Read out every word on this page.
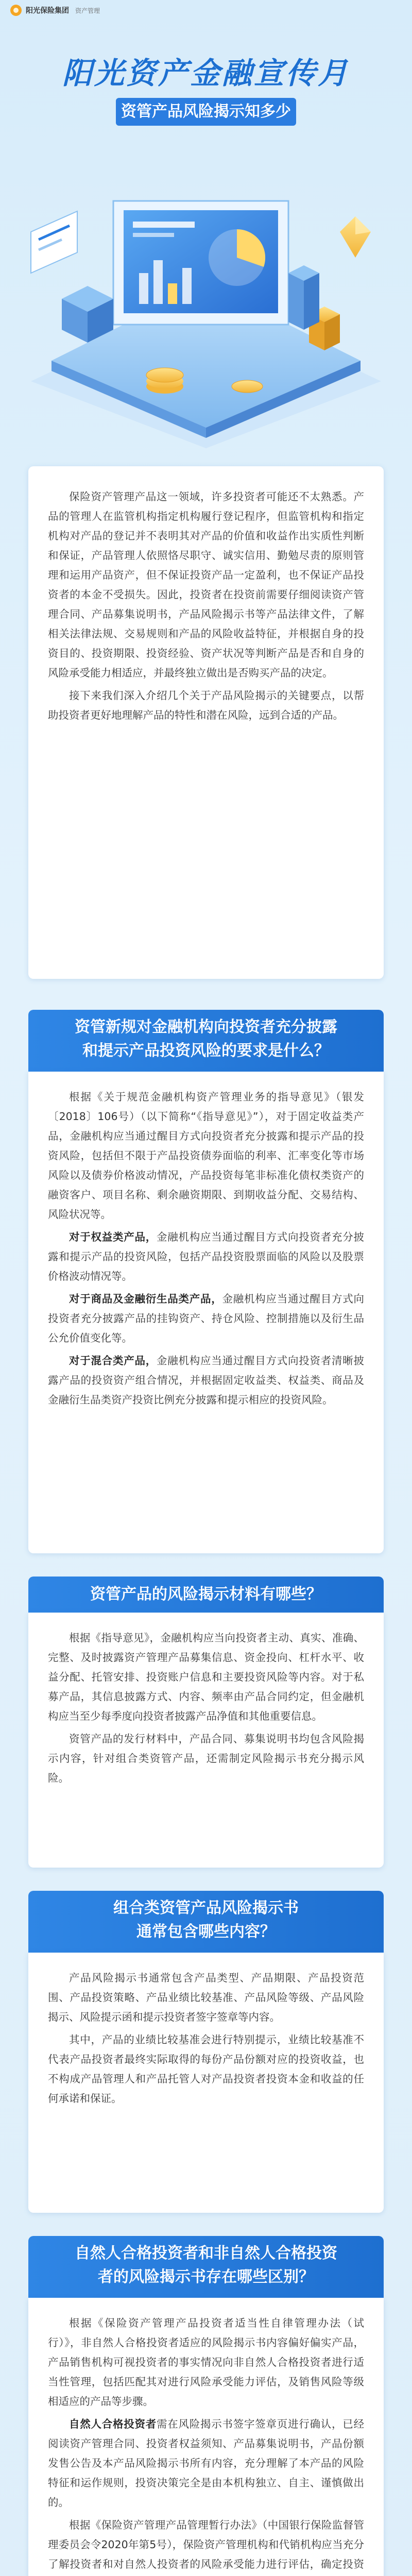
阳光保险集团 资产管理
阳光资产金融宣传月
资管产品风险揭示知多少

保险资产管理产品这一领域，许多投资者可能还不太熟悉。产品的管理人在监管机构指定机构履行登记程序，但监管机构和指定机构对产品的登记并不表明其对产品的价值和收益作出实质性判断和保证，产品管理人依照恪尽职守、诚实信用、勤勉尽责的原则管理和运用产品资产，但不保证投资产品一定盈利，也不保证产品投资者的本金不受损失。因此，投资者在投资前需要仔细阅读资产管理合同、产品募集说明书，产品风险揭示书等产品法律文件，了解相关法律法规、交易规则和产品的风险收益特征，并根据自身的投资目的、投资期限、投资经验、资产状况等判断产品是否和自身的风险承受能力相适应，并最终独立做出是否购买产品的决定。

接下来我们深入介绍几个关于产品风险揭示的关键要点，以帮助投资者更好地理解产品的特性和潜在风险，远到合适的产品。

资管新规对金融机构向投资者充分披露
和提示产品投资风险的要求是什么？

根据《关于规范金融机构资产管理业务的指导意见》（银发〔2018〕106号）（以下简称“《指导意见》”），对于固定收益类产品，金融机构应当通过醒目方式向投资者充分披露和提示产品的投资风险，包括但不限于产品投资债券面临的利率、汇率变化等市场风险以及债券价格波动情况，产品投资每笔非标准化债权类资产的融资客户、项目名称、剩余融资期限、到期收益分配、交易结构、风险状况等。

对于权益类产品，金融机构应当通过醒目方式向投资者充分披露和提示产品的投资风险，包括产品投资股票面临的风险以及股票价格波动情况等。

对于商品及金融衍生品类产品，金融机构应当通过醒目方式向投资者充分披露产品的挂钩资产、持仓风险、控制措施以及衍生品公允价值变化等。

对于混合类产品，金融机构应当通过醒目方式向投资者清晰披露产品的投资资产组合情况，并根据固定收益类、权益类、商品及金融衍生品类资产投资比例充分披露和提示相应的投资风险。

资管产品的风险揭示材料有哪些？

根据《指导意见》，金融机构应当向投资者主动、真实、准确、完整、及时披露资产管理产品募集信息、资金投向、杠杆水平、收益分配、托管安排、投资账户信息和主要投资风险等内容。对于私募产品，其信息披露方式、内容、频率由产品合同约定，但金融机构应当至少每季度向投资者披露产品净值和其他重要信息。

资管产品的发行材料中，产品合同、募集说明书均包含风险揭示内容，针对组合类资管产品，还需制定风险揭示书充分揭示风险。

组合类资管产品风险揭示书
通常包含哪些内容？

产品风险揭示书通常包含产品类型、产品期限、产品投资范围、产品投资策略、产品业绩比较基准、产品风险等级、产品风险揭示、风险提示函和提示投资者签字签章等内容。

其中，产品的业绩比较基准会进行特别提示，业绩比较基准不代表产品投资者最终实际取得的每份产品份额对应的投资收益，也不构成产品管理人和产品托管人对产品投资者投资本金和收益的任何承诺和保证。

自然人合格投资者和非自然人合格投资
者的风险揭示书存在哪些区别？

根据《保险资产管理产品投资者适当性自律管理办法（试行）》，非自然人合格投资者适应的风险揭示书内容偏好偏实产品，产品销售机构可视投资者的事实情况向非自然人合格投资者进行适当性管理，包括匹配其对进行风险承受能力评估，及销售风险等级相适应的产品等步骤。

自然人合格投资者需在风险揭示书签字签章页进行确认，已经阅读资产管理合同、投资者权益须知、产品募集说明书，产品份额发售公告及本产品风险揭示书所有内容，充分理解了本产品的风险特征和运作规则，投资决策完全是由本机构独立、自主、谨慎做出的。

根据《保险资产管理产品管理暂行办法》（中国银行保险监督管理委员会令2020年第5号），保险资产管理机构和代销机构应当充分了解投资者和对自然人投资者的风险承受能力进行评估，确定投资
